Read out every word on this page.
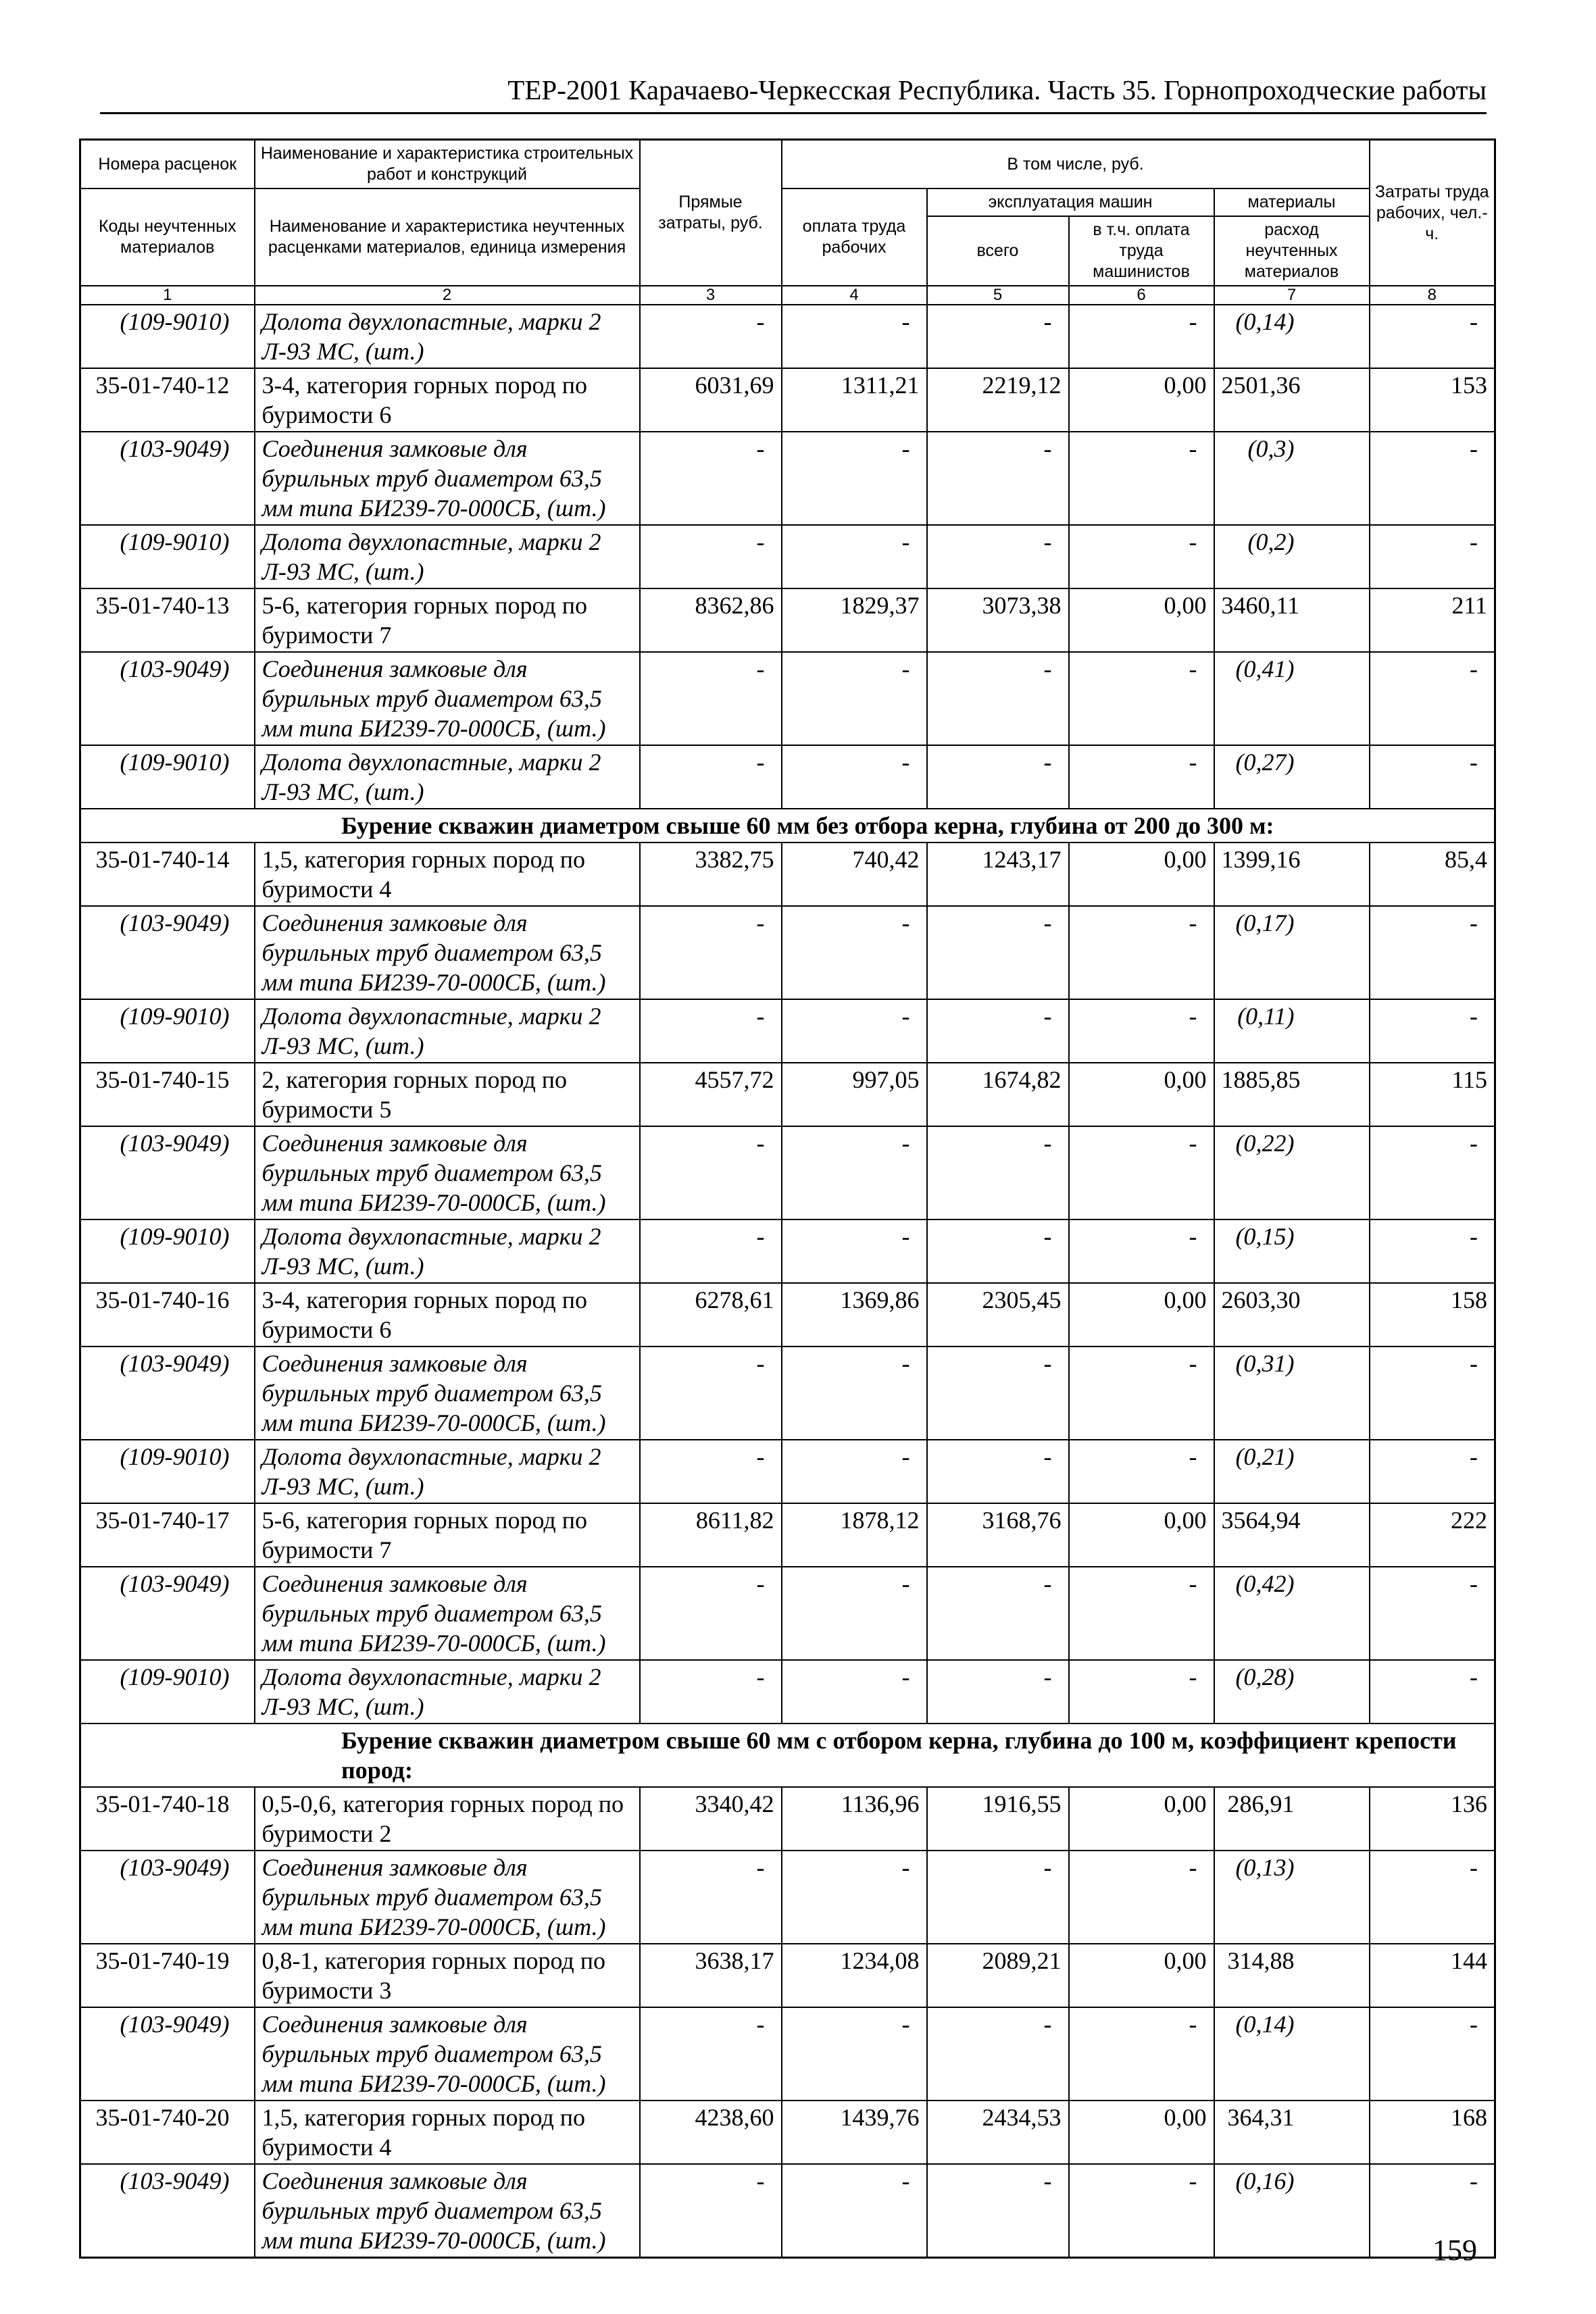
ТЕР-2001 Карачаево-Черкесская Республика. Часть 35. Горнопроходческие работы
Номера расценок	Наименование и характеристика строительных работ и конструкций	Прямые затраты, руб.	В том числе, руб.				Затраты труда рабочих, чел.-ч.
Коды неучтенных материалов	Наименование и характеристика неучтенных расценками материалов, единица измерения		оплата труда рабочих	эксплуатация машин		материалы	
				всего	в т.ч. оплата труда машинистов	расход неучтенных материалов	

1	2	3	4	5	6	7	8
(109-9010)	Долота двухлопастные, марки 2 Л-93 МС, (шт.)	-	-	-	-	(0,14)	-
35-01-740-12	3-4, категория горных пород по буримости 6	6031,69	1311,21	2219,12	0,00	2501,36	153
(103-9049)	Соединения замковые для бурильных труб диаметром 63,5 мм типа БИ239-70-000СБ, (шт.)	-	-	-	-	(0,3)	-
(109-9010)	Долота двухлопастные, марки 2 Л-93 МС, (шт.)	-	-	-	-	(0,2)	-
35-01-740-13	5-6, категория горных пород по буримости 7	8362,86	1829,37	3073,38	0,00	3460,11	211
(103-9049)	Соединения замковые для бурильных труб диаметром 63,5 мм типа БИ239-70-000СБ, (шт.)	-	-	-	-	(0,41)	-
(109-9010)	Долота двухлопастные, марки 2 Л-93 МС, (шт.)	-	-	-	-	(0,27)	-
Бурение скважин диаметром свыше 60 мм без отбора керна, глубина от 200 до 300 м:							
35-01-740-14	1,5, категория горных пород по буримости 4	3382,75	740,42	1243,17	0,00	1399,16	85,4
(103-9049)	Соединения замковые для бурильных труб диаметром 63,5 мм типа БИ239-70-000СБ, (шт.)	-	-	-	-	(0,17)	-
(109-9010)	Долота двухлопастные, марки 2 Л-93 МС, (шт.)	-	-	-	-	(0,11)	-
35-01-740-15	2, категория горных пород по буримости 5	4557,72	997,05	1674,82	0,00	1885,85	115
(103-9049)	Соединения замковые для бурильных труб диаметром 63,5 мм типа БИ239-70-000СБ, (шт.)	-	-	-	-	(0,22)	-
(109-9010)	Долота двухлопастные, марки 2 Л-93 МС, (шт.)	-	-	-	-	(0,15)	-
35-01-740-16	3-4, категория горных пород по буримости 6	6278,61	1369,86	2305,45	0,00	2603,30	158
(103-9049)	Соединения замковые для бурильных труб диаметром 63,5 мм типа БИ239-70-000СБ, (шт.)	-	-	-	-	(0,31)	-
(109-9010)	Долота двухлопастные, марки 2 Л-93 МС, (шт.)	-	-	-	-	(0,21)	-
35-01-740-17	5-6, категория горных пород по буримости 7	8611,82	1878,12	3168,76	0,00	3564,94	222
(103-9049)	Соединения замковые для бурильных труб диаметром 63,5 мм типа БИ239-70-000СБ, (шт.)	-	-	-	-	(0,42)	-
(109-9010)	Долота двухлопастные, марки 2 Л-93 МС, (шт.)	-	-	-	-	(0,28)	-
Бурение скважин диаметром свыше 60 мм с отбором керна, глубина до 100 м, коэффициент крепости пород:							
35-01-740-18	0,5-0,6, категория горных пород по буримости 2	3340,42	1136,96	1916,55	0,00	286,91	136
(103-9049)	Соединения замковые для бурильных труб диаметром 63,5 мм типа БИ239-70-000СБ, (шт.)	-	-	-	-	(0,13)	-
35-01-740-19	0,8-1, категория горных пород по буримости 3	3638,17	1234,08	2089,21	0,00	314,88	144
(103-9049)	Соединения замковые для бурильных труб диаметром 63,5 мм типа БИ239-70-000СБ, (шт.)	-	-	-	-	(0,14)	-
35-01-740-20	1,5, категория горных пород по буримости 4	4238,60	1439,76	2434,53	0,00	364,31	168
(103-9049)	Соединения замковые для бурильных труб диаметром 63,5 мм типа БИ239-70-000СБ, (шт.)	-	-	-	-	(0,16)	-
159
